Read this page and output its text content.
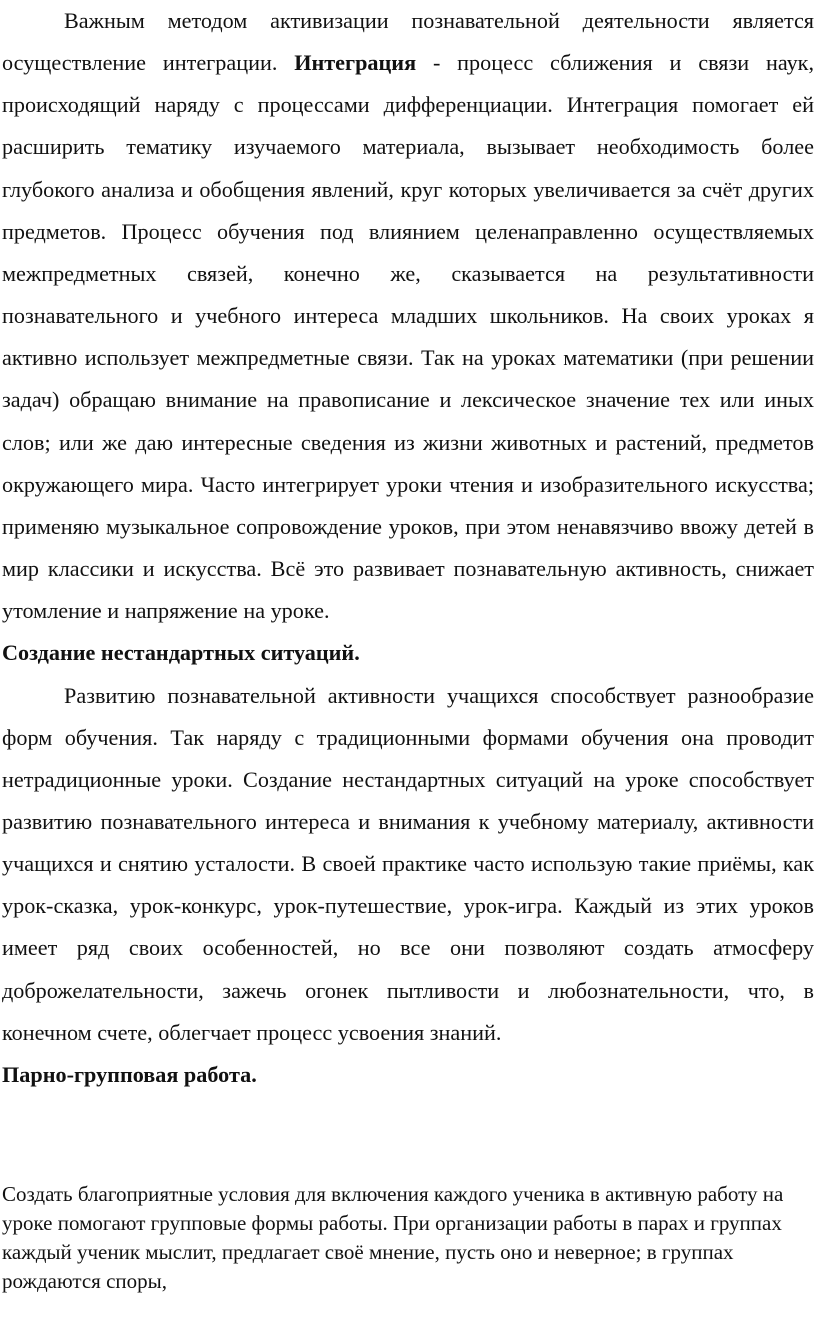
Важным методом активизации познавательной деятельности является осуществление интеграции. Интеграция - процесс сближения и связи наук, происходящий наряду с процессами дифференциации. Интеграция помогает ей расширить тематику изучаемого материала, вызывает необходимость более глубокого анализа и обобщения явлений, круг которых увеличивается за счёт других предметов. Процесс обучения под влиянием целенаправленно осуществляемых межпредметных связей, конечно же, сказывается на результативности познавательного и учебного интереса младших школьников. На своих уроках я активно использует межпредметные связи. Так на уроках математики (при решении задач) обращаю внимание на правописание и лексическое значение тех или иных слов; или же даю интересные сведения из жизни животных и растений, предметов окружающего мира. Часто интегрирует уроки чтения и изобразительного искусства; применяю музыкальное сопровождение уроков, при этом ненавязчиво ввожу детей в мир классики и искусства. Всё это развивает познавательную активность, снижает утомление и напряжение на уроке.

Создание нестандартных ситуаций.

Развитию познавательной активности учащихся способствует разнообразие форм обучения. Так наряду с традиционными формами обучения она проводит нетрадиционные уроки. Создание нестандартных ситуаций на уроке способствует развитию познавательного интереса и внимания к учебному материалу, активности учащихся и снятию усталости. В своей практике часто использую такие приёмы, как урок-сказка, урок-конкурс, урок-путешествие, урок-игра. Каждый из этих уроков имеет ряд своих особенностей, но все они позволяют создать атмосферу доброжелательности, зажечь огонек пытливости и любознательности, что, в конечном счете, облегчает процесс усвоения знаний.

Парно-групповая работа.

Создать благоприятные условия для включения каждого ученика в активную работу на уроке помогают групповые формы работы. При организации работы в парах и группах каждый ученик мыслит, предлагает своё мнение, пусть оно и неверное; в группах рождаются споры,
